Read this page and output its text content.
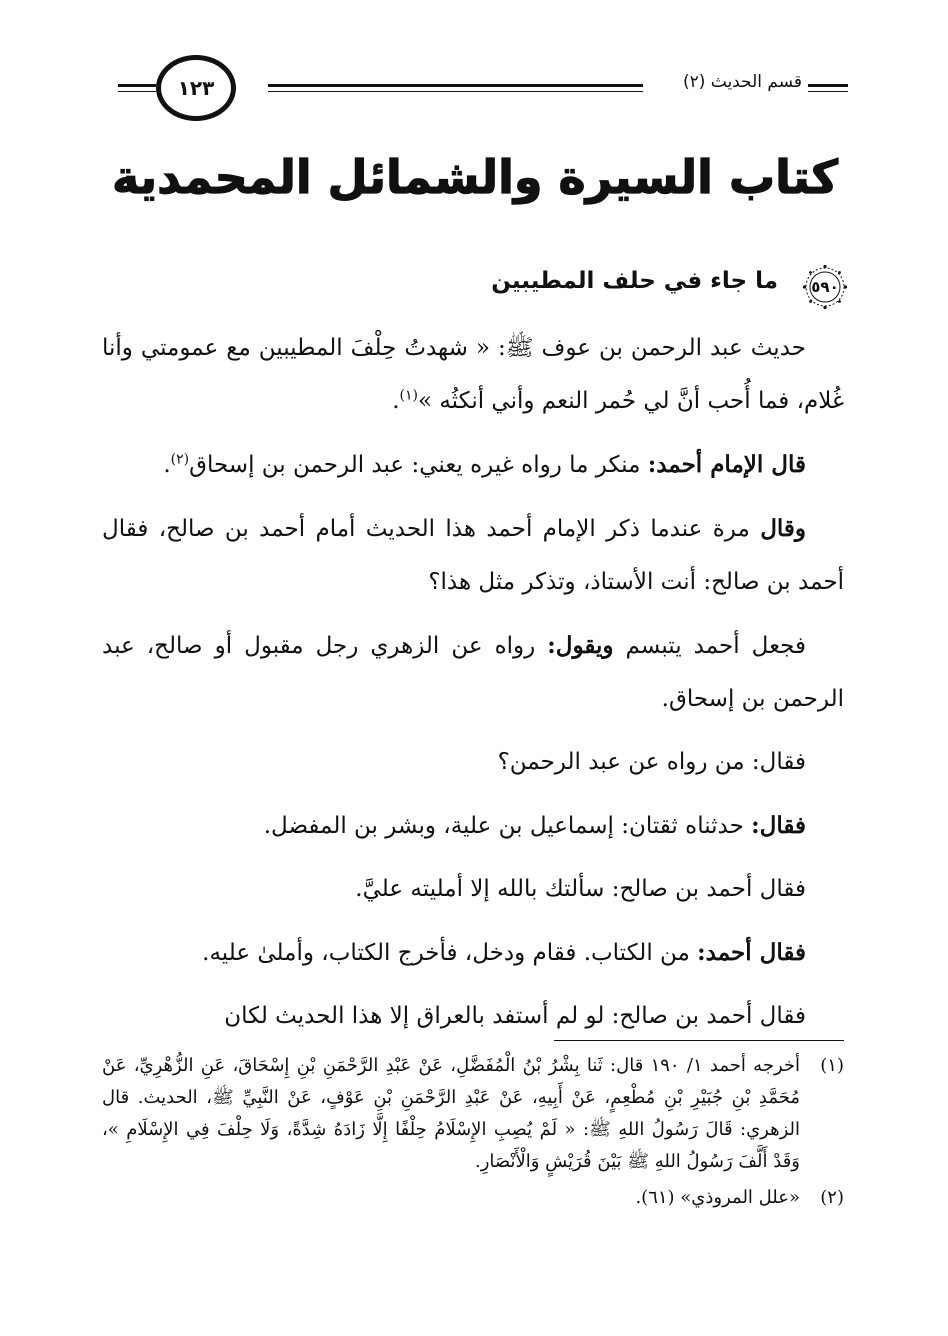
قسم الحديث (٢)
١٢٣
كتاب السيرة والشمائل المحمدية
٥٩٠
ما جاء في حلف المطيبين

حديث عبد الرحمن بن عوف ﷺ: « شهدتُ حِلْفَ المطيبين مع عمومتي وأنا غُلام، فما أُحب أنَّ لي حُمر النعم وأني أنكثُه »$^{(١)}$.

قال الإمام أحمد: منكر ما رواه غيره يعني: عبد الرحمن بن إسحاق$^{(٢)}$.

وقال مرة عندما ذكر الإمام أحمد هذا الحديث أمام أحمد بن صالح، فقال أحمد بن صالح: أنت الأستاذ، وتذكر مثل هذا؟

فجعل أحمد يتبسم ويقول: رواه عن الزهري رجل مقبول أو صالح، عبد الرحمن بن إسحاق.

فقال: من رواه عن عبد الرحمن؟

فقال: حدثناه ثقتان: إسماعيل بن علية، وبشر بن المفضل.

فقال أحمد بن صالح: سألتك بالله إلا أمليته عليَّ.

فقال أحمد: من الكتاب. فقام ودخل، فأخرج الكتاب، وأملىٰ عليه.

فقال أحمد بن صالح: لو لم أستفد بالعراق إلا هذا الحديث لكان

(١)
أخرجه أحمد ١/ ١٩٠ قال: ثَنا بِشْرُ بْنُ الْمُفَضَّلِ، عَنْ عَبْدِ الرَّحْمَنِ بْنِ إِسْحَاقَ، عَنِ الزُّهْرِيِّ، عَنْ مُحَمَّدِ بْنِ جُبَيْرِ بْنِ مُطْعِمٍ، عَنْ أَبِيهِ، عَنْ عَبْدِ الرَّحْمَنِ بْنِ عَوْفٍ، عَنْ النَّبِيِّ ﷺ، الحديث. قال الزهري: قَالَ رَسُولُ اللهِ ﷺ: « لَمْ يُصِبِ الإِسْلَامُ حِلْفًا إِلَّا زَادَهُ شِدَّةً، وَلَا حِلْفَ فِي الإِسْلَامِ »، وَقَدْ أَلَّفَ رَسُولُ اللهِ ﷺ بَيْنَ قُرَيْشٍ وَالْأَنْصَارِ.
(٢)
«علل المروذي» (٦١).
